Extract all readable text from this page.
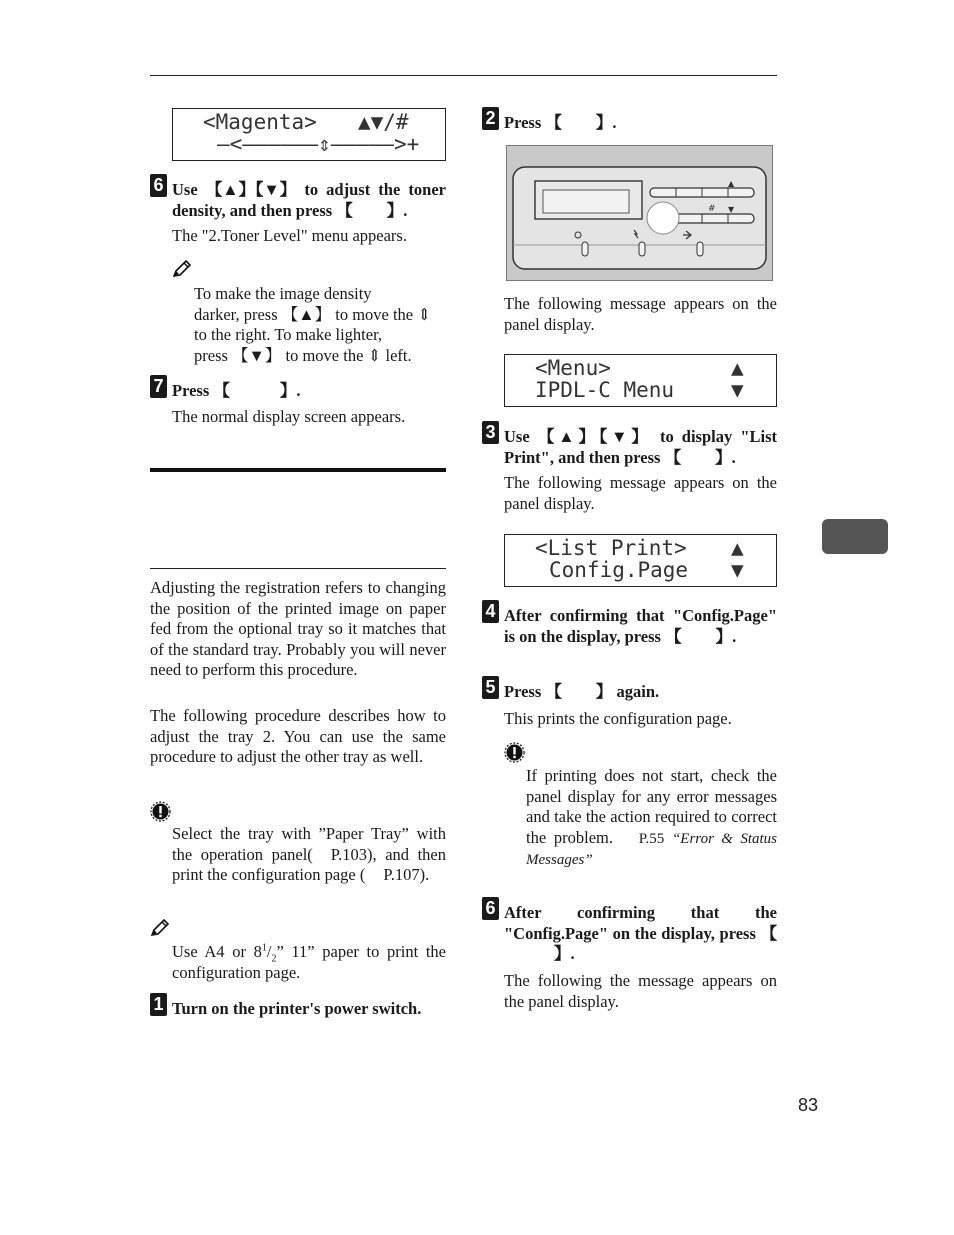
<Magenta> ▲▼/#
–<––––––⇕–––––>+
6 Use 【▲】【▼】 to adjust the toner density, and then press 【 】.
The "2.Toner Level" menu appears.
To make the image density
darker, press 【▲】 to move the ⇕
to the right. To make lighter,
press 【▼】 to move the ⇕ left.
7 Press 【	】.
The normal display screen appears.
Adjusting the registration refers to changing the position of the printed image on paper fed from the optional tray so it matches that of the standard tray. Probably you will never need to perform this procedure.
The following procedure describes how to adjust the tray 2. You can use the same procedure to adjust the other tray as well.
Select the tray with ”Paper Tray” with the operation panel( P.103), and then print the configuration page ( P.107).
Use A4 or $8^1/_2$” 11” paper to print the configuration page.
1 Turn on the printer's power switch.
2 Press 【 】.
#
▲
▼
The following message appears on the panel display.
<Menu>	▲
IPDL-C Menu	▼
3 Use 【▲】【▼】 to display "List Print", and then press 【 】.
The following message appears on the panel display.
<List Print> ▲
Config.Page ▼
4 After confirming that "Config.Page" is on the display, press 【 】.
5 Press 【 】 again.
This prints the configuration page.
If printing does not start, check the panel display for any error messages and take the action required to correct the problem. P.55 “Error & Status Messages”
6 After confirming that the "Config.Page" on the display, press 【】.
The following the message appears on the panel display.
83
